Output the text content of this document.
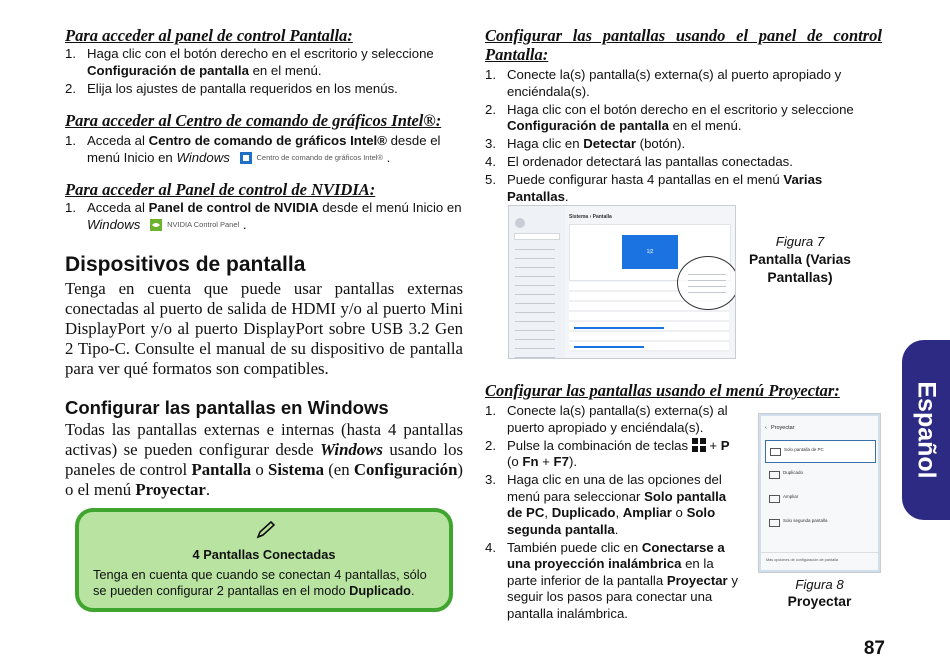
Para acceder al panel de control Pantalla:
1. Haga clic con el botón derecho en el escritorio y seleccione Configuración de pantalla en el menú.
2. Elija los ajustes de pantalla requeridos en los menús.
Para acceder al Centro de comando de gráficos Intel®:
1. Acceda al Centro de comando de gráficos Intel® desde el menú Inicio en Windows	Centro de comando de gráficos Intel® .
Para acceder al Panel de control de NVIDIA:
1. Acceda al Panel de control de NVIDIA desde el menú Inicio en
Windows	NVIDIA Control Panel .
Dispositivos de pantalla
Tenga en cuenta que puede usar pantallas externas conectadas al puerto de salida de HDMI y/o al puerto Mini DisplayPort y/o al puerto DisplayPort sobre USB 3.2 Gen 2 Tipo-C. Consulte el manual de su dispositivo de pantalla para ver qué formatos son compatibles.
Configurar las pantallas en Windows
Todas las pantallas externas e internas (hasta 4 pantallas activas) se pueden configurar desde Windows usando los paneles de control Pantalla o Sistema (en Configuración) o el menú Proyectar.
4 Pantallas Conectadas
Tenga en cuenta que cuando se conectan 4 pantallas, sólo se pueden configurar 2 pantallas en el modo Duplicado.
Configurar las pantallas usando el panel de control Pantalla:
1. Conecte la(s) pantalla(s) externa(s) al puerto apropiado y enciéndala(s).
2. Haga clic con el botón derecho en el escritorio y seleccione Configuración de pantalla en el menú.
3. Haga clic en Detectar (botón).
4. El ordenador detectará las pantallas conectadas.
5. Puede configurar hasta 4 pantallas en el menú Varias Pantallas.
Sistema › Pantalla
1|2
Figura 7
Pantalla (Varias Pantallas)
Configurar las pantallas usando el menú Proyectar:
1. Conecte la(s) pantalla(s) externa(s) al puerto apropiado y enciéndala(s).
2. Pulse la combinación de teclas  + P
(o Fn + F7).
3. Haga clic en una de las opciones del menú para seleccionar Solo pantalla de PC, Duplicado, Ampliar o Solo segunda pantalla.
4. También puede clic en Conectarse a una proyección inalámbrica en la parte inferior de la pantalla Proyectar y seguir los pasos para conectar una pantalla inalámbrica.
‹ Proyectar
Solo pantalla de PC
Duplicado
Ampliar
Solo segunda pantalla
Más opciones de configuración de pantalla
Figura 8
Proyectar
Español
87
